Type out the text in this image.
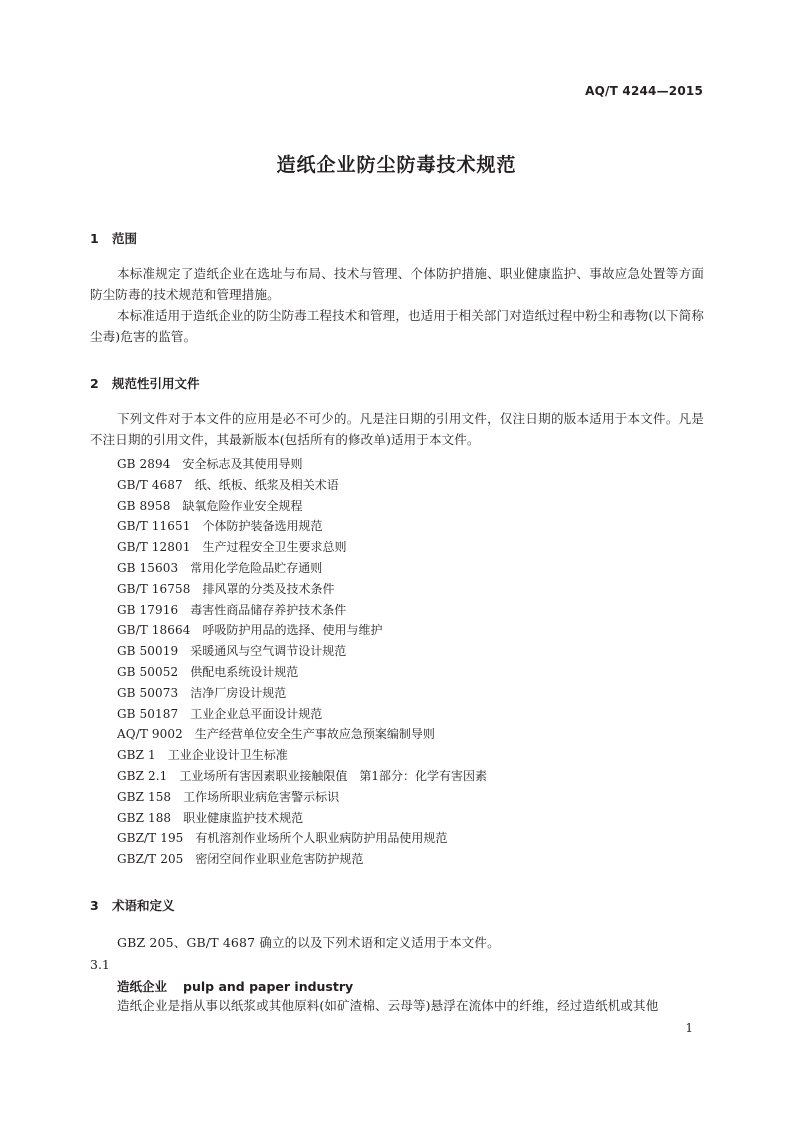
AQ/T 4244—2015
造纸企业防尘防毒技术规范
1 范围
本标准规定了造纸企业在选址与布局、技术与管理、个体防护措施、职业健康监护、事故应急处置等方面防尘防毒的技术规范和管理措施。
本标准适用于造纸企业的防尘防毒工程技术和管理，也适用于相关部门对造纸过程中粉尘和毒物(以下简称尘毒)危害的监管。
2 规范性引用文件
下列文件对于本文件的应用是必不可少的。凡是注日期的引用文件，仅注日期的版本适用于本文件。凡是不注日期的引用文件，其最新版本(包括所有的修改单)适用于本文件。
GB 2894 安全标志及其使用导则
GB/T 4687 纸、纸板、纸浆及相关术语
GB 8958 缺氧危险作业安全规程
GB/T 11651 个体防护装备选用规范
GB/T 12801 生产过程安全卫生要求总则
GB 15603 常用化学危险品贮存通则
GB/T 16758 排风罩的分类及技术条件
GB 17916 毒害性商品储存养护技术条件
GB/T 18664 呼吸防护用品的选择、使用与维护
GB 50019 采暖通风与空气调节设计规范
GB 50052 供配电系统设计规范
GB 50073 洁净厂房设计规范
GB 50187 工业企业总平面设计规范
AQ/T 9002 生产经营单位安全生产事故应急预案编制导则
GBZ 1 工业企业设计卫生标准
GBZ 2.1 工业场所有害因素职业接触限值　第1部分：化学有害因素
GBZ 158 工作场所职业病危害警示标识
GBZ 188 职业健康监护技术规范
GBZ/T 195 有机溶剂作业场所个人职业病防护用品使用规范
GBZ/T 205 密闭空间作业职业危害防护规范
3 术语和定义
GBZ 205、GB/T 4687 确立的以及下列术语和定义适用于本文件。
3.1
造纸企业 pulp and paper industry
造纸企业是指从事以纸浆或其他原料(如矿渣棉、云母等)悬浮在流体中的纤维，经过造纸机或其他
1
